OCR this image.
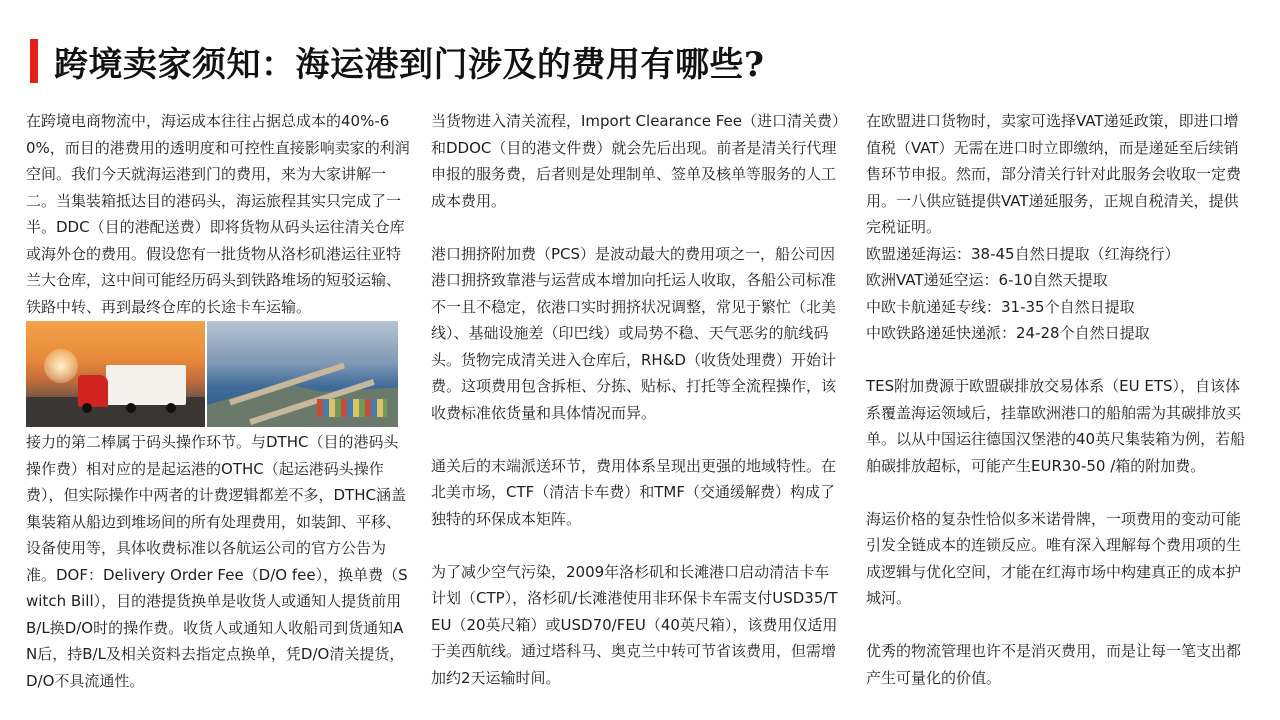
跨境卖家须知：海运港到门涉及的费用有哪些?

在跨境电商物流中，海运成本往往占据总成本的40%-60%，而目的港费用的透明度和可控性直接影响卖家的利润空间。我们今天就海运港到门的费用，来为大家讲解一二。当集装箱抵达目的港码头，海运旅程其实只完成了一半。DDC（目的港配送费）即将货物从码头运往清关仓库或海外仓的费用。假设您有一批货物从洛杉矶港运往亚特兰大仓库，这中间可能经历码头到铁路堆场的短驳运输、铁路中转、再到最终仓库的长途卡车运输。

接力的第二棒属于码头操作环节。与DTHC（目的港码头操作费）相对应的是起运港的OTHC（起运港码头操作费），但实际操作中两者的计费逻辑都差不多，DTHC涵盖集装箱从船边到堆场间的所有处理费用，如装卸、平移、设备使用等，具体收费标准以各航运公司的官方公告为准。DOF：Delivery Order Fee（D/O fee），换单费（Switch Bill），目的港提货换单是收货人或通知人提货前用B/L换D/O时的操作费。收货人或通知人收船司到货通知AN后，持B/L及相关资料去指定点换单，凭D/O清关提货，D/O不具流通性。

当货物进入清关流程，Import Clearance Fee（进口清关费）和DDOC（目的港文件费）就会先后出现。前者是清关行代理申报的服务费，后者则是处理制单、签单及核单等服务的人工成本费用。

港口拥挤附加费（PCS）是波动最大的费用项之一，船公司因港口拥挤致靠港与运营成本增加向托运人收取，各船公司标准不一且不稳定，依港口实时拥挤状况调整，常见于繁忙（北美线）、基础设施差（印巴线）或局势不稳、天气恶劣的航线码头。货物完成清关进入仓库后，RH&D（收货处理费）开始计费。这项费用包含拆柜、分拣、贴标、打托等全流程操作，该收费标准依货量和具体情况而异。

通关后的末端派送环节，费用体系呈现出更强的地域特性。在北美市场，CTF（清洁卡车费）和TMF（交通缓解费）构成了独特的环保成本矩阵。

为了减少空气污染，2009年洛杉矶和长滩港口启动清洁卡车计划（CTP），洛杉矶/长滩港使用非环保卡车需支付USD35/TEU（20英尺箱）或USD70/FEU（40英尺箱），该费用仅适用于美西航线。通过塔科马、奥克兰中转可节省该费用，但需增加约2天运输时间。

在欧盟进口货物时，卖家可选择VAT递延政策，即进口增值税（VAT）无需在进口时立即缴纳，而是递延至后续销售环节申报。然而，部分清关行针对此服务会收取一定费用。一八供应链提供VAT递延服务，正规自税清关，提供完税证明。

欧盟递延海运：38-45自然日提取（红海绕行）

欧洲VAT递延空运：6-10自然天提取

中欧卡航递延专线：31-35个自然日提取

中欧铁路递延快递派：24-28个自然日提取

TES附加费源于欧盟碳排放交易体系（EU ETS），自该体系覆盖海运领域后，挂靠欧洲港口的船舶需为其碳排放买单。以从中国运往德国汉堡港的40英尺集装箱为例，若船舶碳排放超标，可能产生EUR30-50 /箱的附加费。

海运价格的复杂性恰似多米诺骨牌，一项费用的变动可能引发全链成本的连锁反应。唯有深入理解每个费用项的生成逻辑与优化空间，才能在红海市场中构建真正的成本护城河。

优秀的物流管理也许不是消灭费用，而是让每一笔支出都产生可量化的价值。
